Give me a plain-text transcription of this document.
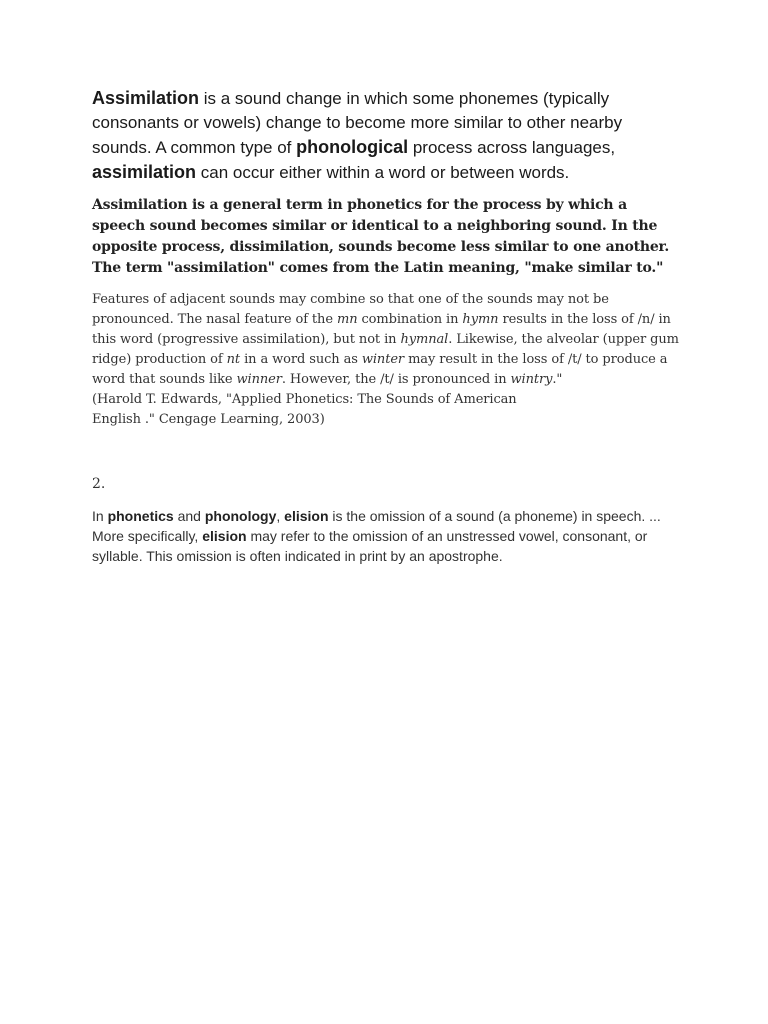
Assimilation is a sound change in which some phonemes (typically consonants or vowels) change to become more similar to other nearby sounds. A common type of phonological process across languages, assimilation can occur either within a word or between words.

Assimilation is a general term in phonetics for the process by which a speech sound becomes similar or identical to a neighboring sound. In the opposite process, dissimilation, sounds become less similar to one another. The term "assimilation" comes from the Latin meaning, "make similar to."

Features of adjacent sounds may combine so that one of the sounds may not be pronounced. The nasal feature of the mn combination in hymn results in the loss of /n/ in this word (progressive assimilation), but not in hymnal. Likewise, the alveolar (upper gum ridge) production of nt in a word such as winter may result in the loss of /t/ to produce a word that sounds like winner. However, the /t/ is pronounced in wintry."
(Harold T. Edwards, "Applied Phonetics: The Sounds of American
English ." Cengage Learning, 2003)

2.

In phonetics and phonology, elision is the omission of a sound (a phoneme) in speech. ... More specifically, elision may refer to the omission of an unstressed vowel, consonant, or syllable. This omission is often indicated in print by an apostrophe.
